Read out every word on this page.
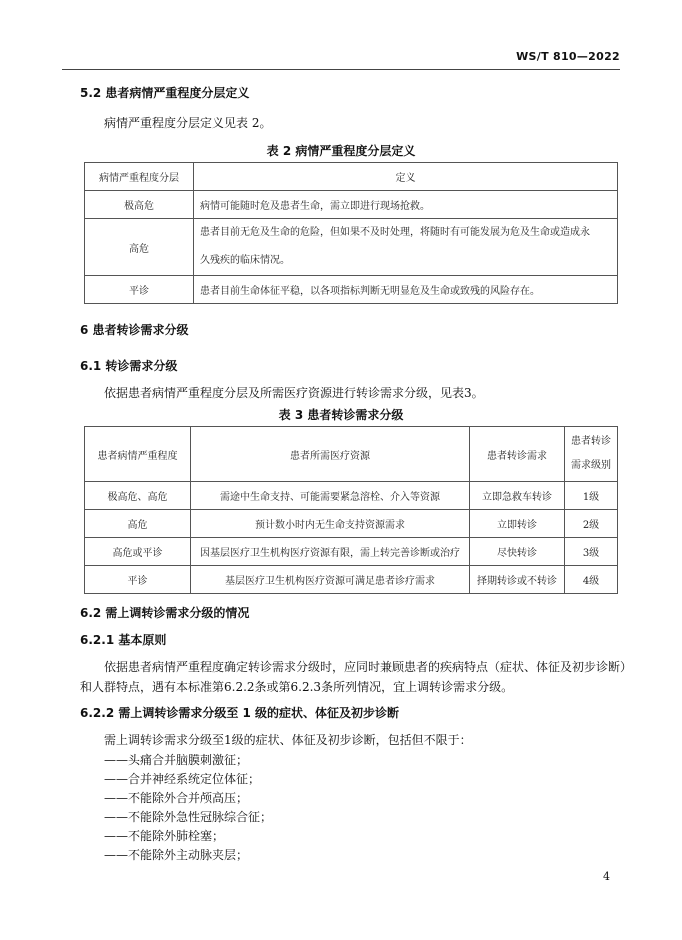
WS/T 810—2022
5.2 患者病情严重程度分层定义
病情严重程度分层定义见表 2。
表 2 病情严重程度分层定义
病情严重程度分层	定义
极高危	病情可能随时危及患者生命，需立即进行现场抢救。
高危	患者目前无危及生命的危险，但如果不及时处理，将随时有可能发展为危及生命或造成永
久残疾的临床情况。

平诊	患者目前生命体征平稳，以各项指标判断无明显危及生命或致残的风险存在。
6 患者转诊需求分级
6.1 转诊需求分级
依据患者病情严重程度分层及所需医疗资源进行转诊需求分级，见表3。
表 3 患者转诊需求分级
患者病情严重程度	患者所需医疗资源	患者转诊需求	患者转诊
需求级别

极高危、高危	需途中生命支持、可能需要紧急溶栓、介入等资源	立即急救车转诊	1级
高危	预计数小时内无生命支持资源需求	立即转诊	2级
高危或平诊	因基层医疗卫生机构医疗资源有限，需上转完善诊断或治疗	尽快转诊	3级
平诊	基层医疗卫生机构医疗资源可满足患者诊疗需求	择期转诊或不转诊	4级
6.2 需上调转诊需求分级的情况
6.2.1 基本原则
依据患者病情严重程度确定转诊需求分级时，应同时兼顾患者的疾病特点（症状、体征及初步诊断）
和人群特点，遇有本标准第6.2.2条或第6.2.3条所列情况，宜上调转诊需求分级。
6.2.2 需上调转诊需求分级至 1 级的症状、体征及初步诊断
需上调转诊需求分级至1级的症状、体征及初步诊断，包括但不限于：
——头痛合并脑膜刺激征；
——合并神经系统定位体征；
——不能除外合并颅高压；
——不能除外急性冠脉综合征；
——不能除外肺栓塞；
——不能除外主动脉夹层；
4
